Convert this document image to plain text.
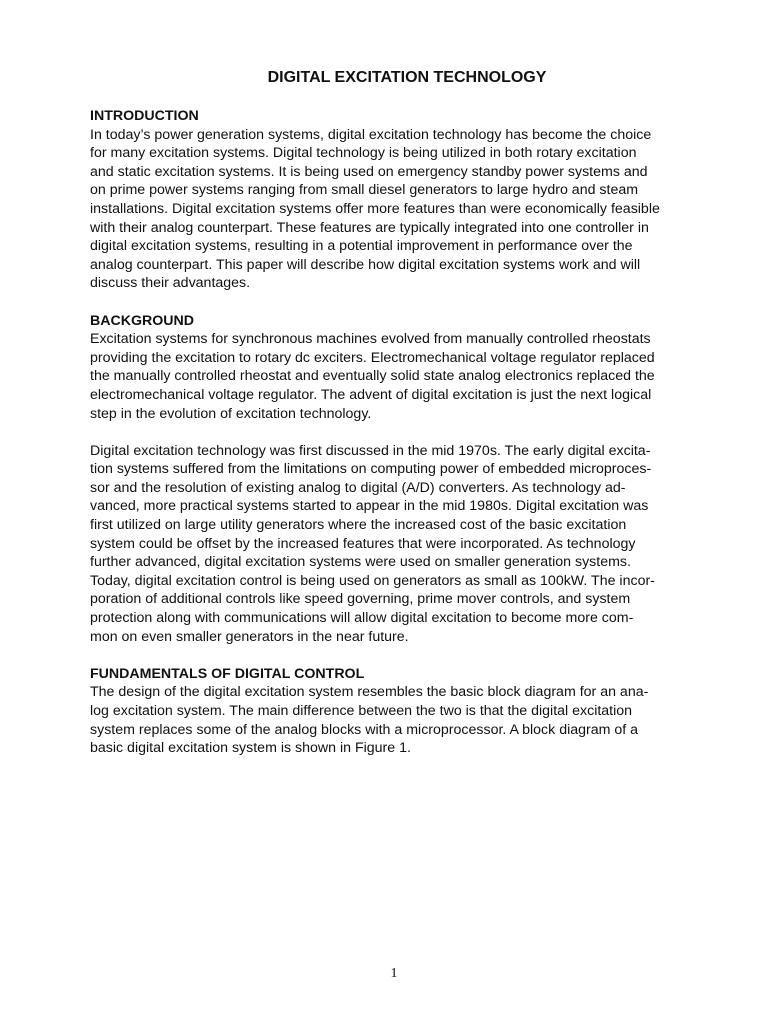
DIGITAL EXCITATION TECHNOLOGY
INTRODUCTION
In today’s power generation systems, digital excitation technology has become the choice
for many excitation systems. Digital technology is being utilized in both rotary excitation
and static excitation systems. It is being used on emergency standby power systems and
on prime power systems ranging from small diesel generators to large hydro and steam
installations. Digital excitation systems offer more features than were economically feasible
with their analog counterpart. These features are typically integrated into one controller in
digital excitation systems, resulting in a potential improvement in performance over the
analog counterpart. This paper will describe how digital excitation systems work and will
discuss their advantages.
BACKGROUND
Excitation systems for synchronous machines evolved from manually controlled rheostats
providing the excitation to rotary dc exciters. Electromechanical voltage regulator replaced
the manually controlled rheostat and eventually solid state analog electronics replaced the
electromechanical voltage regulator. The advent of digital excitation is just the next logical
step in the evolution of excitation technology.
Digital excitation technology was first discussed in the mid 1970s. The early digital excita-
tion systems suffered from the limitations on computing power of embedded microproces-
sor and the resolution of existing analog to digital (A/D) converters. As technology ad-
vanced, more practical systems started to appear in the mid 1980s. Digital excitation was
first utilized on large utility generators where the increased cost of the basic excitation
system could be offset by the increased features that were incorporated. As technology
further advanced, digital excitation systems were used on smaller generation systems.
Today, digital excitation control is being used on generators as small as 100kW. The incor-
poration of additional controls like speed governing, prime mover controls, and system
protection along with communications will allow digital excitation to become more com-
mon on even smaller generators in the near future.
FUNDAMENTALS OF DIGITAL CONTROL
The design of the digital excitation system resembles the basic block diagram for an ana-
log excitation system. The main difference between the two is that the digital excitation
system replaces some of the analog blocks with a microprocessor. A block diagram of a
basic digital excitation system is shown in Figure 1.
1
